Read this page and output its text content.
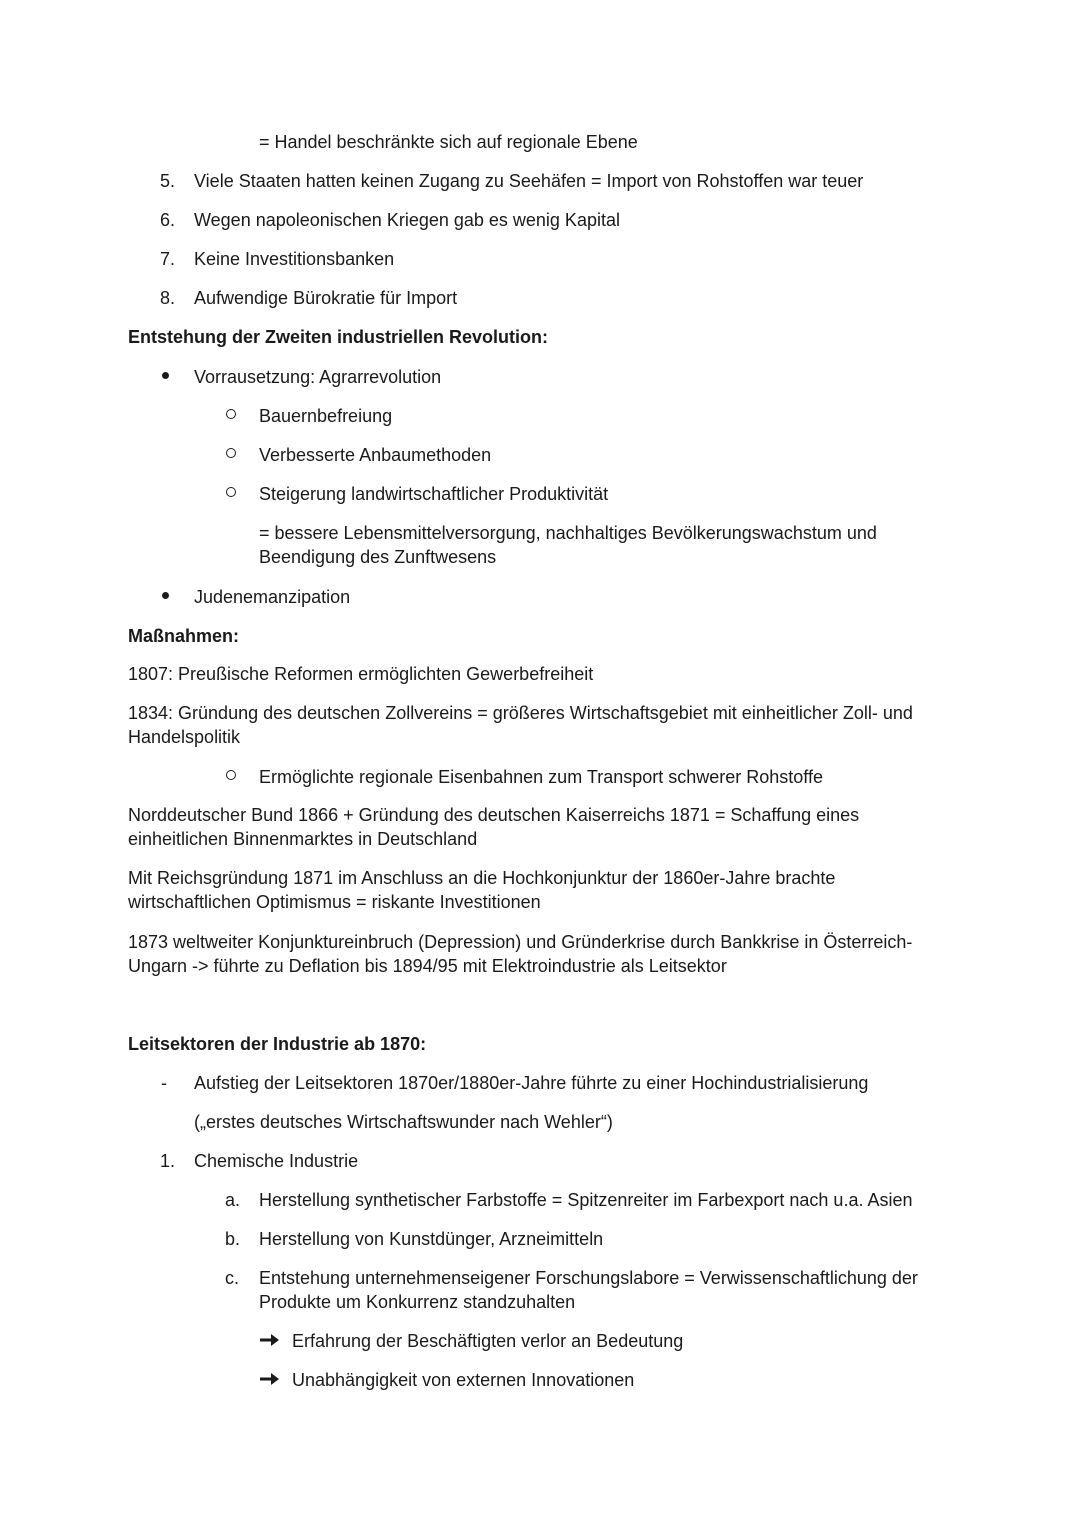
= Handel beschränkte sich auf regionale Ebene
5. Viele Staaten hatten keinen Zugang zu Seehäfen = Import von Rohstoffen war teuer
6. Wegen napoleonischen Kriegen gab es wenig Kapital
7. Keine Investitionsbanken
8. Aufwendige Bürokratie für Import
Entstehung der Zweiten industriellen Revolution:
Vorrausetzung: Agrarrevolution
Bauernbefreiung
Verbesserte Anbaumethoden
Steigerung landwirtschaftlicher Produktivität
= bessere Lebensmittelversorgung, nachhaltiges Bevölkerungswachstum und Beendigung des Zunftwesens
Judenemanzipation
Maßnahmen:
1807: Preußische Reformen ermöglichten Gewerbefreiheit
1834: Gründung des deutschen Zollvereins = größeres Wirtschaftsgebiet mit einheitlicher Zoll- und Handelspolitik
Ermöglichte regionale Eisenbahnen zum Transport schwerer Rohstoffe
Norddeutscher Bund 1866 + Gründung des deutschen Kaiserreichs 1871 = Schaffung eines einheitlichen Binnenmarktes in Deutschland
Mit Reichsgründung 1871 im Anschluss an die Hochkonjunktur der 1860er-Jahre brachte wirtschaftlichen Optimismus = riskante Investitionen
1873 weltweiter Konjunktureinbruch (Depression) und Gründerkrise durch Bankkrise in Österreich-Ungarn -> führte zu Deflation bis 1894/95 mit Elektroindustrie als Leitsektor
Leitsektoren der Industrie ab 1870:
- Aufstieg der Leitsektoren 1870er/1880er-Jahre führte zu einer Hochindustrialisierung
(„erstes deutsches Wirtschaftswunder nach Wehler“)
1. Chemische Industrie
a. Herstellung synthetischer Farbstoffe = Spitzenreiter im Farbexport nach u.a. Asien
b. Herstellung von Kunstdünger, Arzneimitteln
c. Entstehung unternehmenseigener Forschungslabore = Verwissenschaftlichung der Produkte um Konkurrenz standzuhalten
Erfahrung der Beschäftigten verlor an Bedeutung
Unabhängigkeit von externen Innovationen
